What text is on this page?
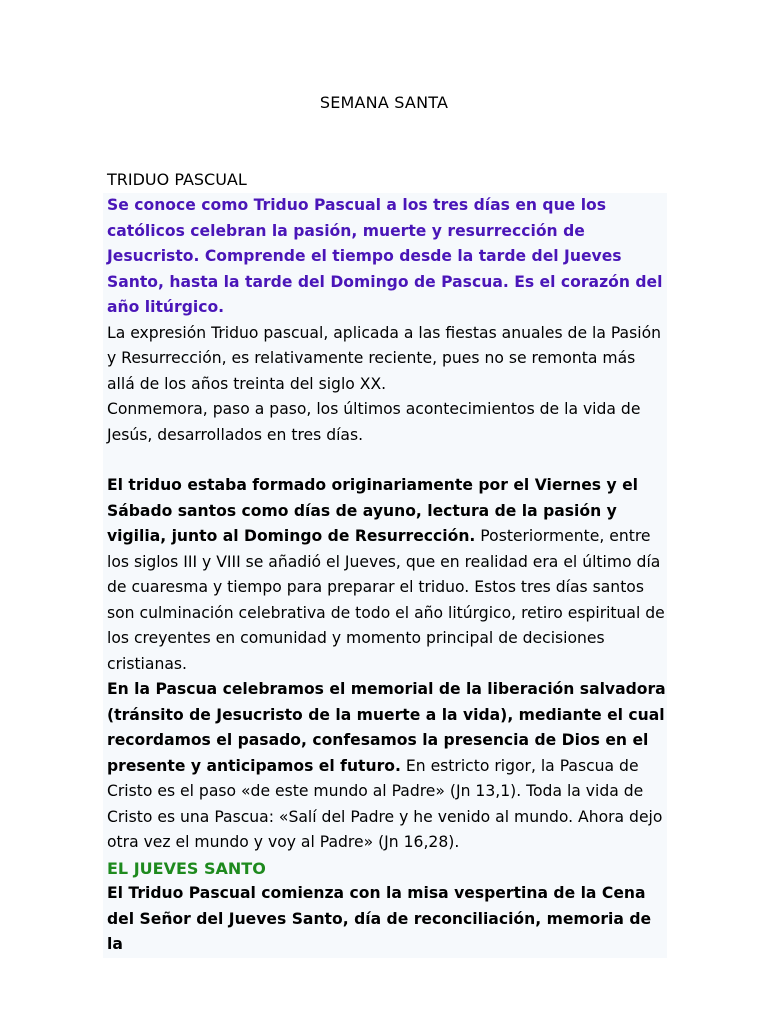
SEMANA SANTA
TRIDUO PASCUAL

Se conoce como Triduo Pascual a los tres días en que los católicos celebran la pasión, muerte y resurrección de Jesucristo. Comprende el tiempo desde la tarde del Jueves Santo, hasta la tarde del Domingo de Pascua. Es el corazón del año litúrgico.

La expresión Triduo pascual, aplicada a las fiestas anuales de la Pasión y Resurrección, es relativamente reciente, pues no se remonta más allá de los años treinta del siglo XX.

Conmemora, paso a paso, los últimos acontecimientos de la vida de Jesús, desarrollados en tres días.

El triduo estaba formado originariamente por el Viernes y el Sábado santos como días de ayuno, lectura de la pasión y vigilia, junto al Domingo de Resurrección. Posteriormente, entre los siglos III y VIII se añadió el Jueves, que en realidad era el último día de cuaresma y tiempo para preparar el triduo. Estos tres días santos son culminación celebrativa de todo el año litúrgico, retiro espiritual de los creyentes en comunidad y momento principal de decisiones cristianas.

En la Pascua celebramos el memorial de la liberación salvadora (tránsito de Jesucristo de la muerte a la vida), mediante el cual recordamos el pasado, confesamos la presencia de Dios en el presente y anticipamos el futuro. En estricto rigor, la Pascua de Cristo es el paso «de este mundo al Padre» (Jn 13,1). Toda la vida de Cristo es una Pascua: «Salí del Padre y he venido al mundo. Ahora dejo otra vez el mundo y voy al Padre» (Jn 16,28).

EL JUEVES SANTO

El Triduo Pascual comienza con la misa vespertina de la Cena del Señor del Jueves Santo, día de reconciliación, memoria de la
